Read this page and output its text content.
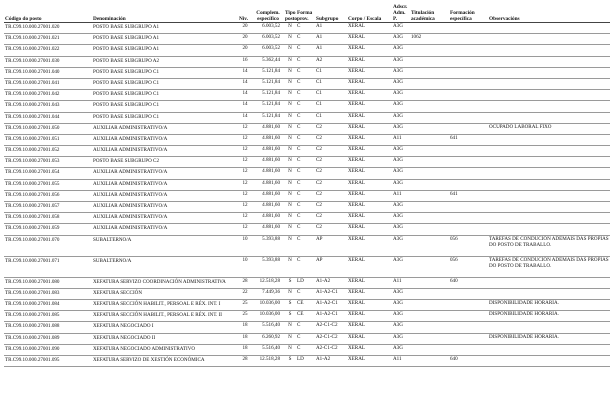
Código do posto	Denominación	Niv.	Complem. específico	Tipo posto	Forma prov.	Subgrupo	Corpo / Escala	Adscr. Adm. P.	Titulación académica	Formación específica	Observacións
TR.C99.10.000.27001.020	POSTO BASE SUBGRUPO A1	20	6.003,52	N	C	A1	XERAL	A3G			
TR.C99.10.000.27001.021	POSTO BASE SUBGRUPO A1	20	6.003,52	N	C	A1	XERAL	A3G	1062		
TR.C99.10.000.27001.022	POSTO BASE SUBGRUPO A1	20	6.003,52	N	C	A1	XERAL	A3G			
TR.C99.10.000.27001.030	POSTO BASE SUBGRUPO A2	16	5.362,44	N	C	A2	XERAL	A3G			
TR.C99.10.000.27001.040	POSTO BASE SUBGRUPO C1	14	5.121,84	N	C	C1	XERAL	A3G			
TR.C99.10.000.27001.041	POSTO BASE SUBGRUPO C1	14	5.121,84	N	C	C1	XERAL	A3G			
TR.C99.10.000.27001.042	POSTO BASE SUBGRUPO C1	14	5.121,84	N	C	C1	XERAL	A3G			
TR.C99.10.000.27001.043	POSTO BASE SUBGRUPO C1	14	5.121,84	N	C	C1	XERAL	A3G			
TR.C99.10.000.27001.044	POSTO BASE SUBGRUPO C1	14	5.121,84	N	C	C1	XERAL	A3G			
TR.C99.10.000.27001.050	AUXILIAR ADMINISTRATIVO/A	12	4.881,60	N	C	C2	XERAL	A3G			OCUPADO LABORAL FIXO
TR.C99.10.000.27001.051	AUXILIAR ADMINISTRATIVO/A	12	4.881,60	N	C	C2	XERAL	A11		641	
TR.C99.10.000.27001.052	AUXILIAR ADMINISTRATIVO/A	12	4.881,60	N	C	C2	XERAL	A3G			
TR.C99.10.000.27001.053	POSTO BASE SUBGRUPO C2	12	4.881,60	N	C	C2	XERAL	A3G			
TR.C99.10.000.27001.054	AUXILIAR ADMINISTRATIVO/A	12	4.881,60	N	C	C2	XERAL	A3G			
TR.C99.10.000.27001.055	AUXILIAR ADMINISTRATIVO/A	12	4.881,60	N	C	C2	XERAL	A3G			
TR.C99.10.000.27001.056	AUXILIAR ADMINISTRATIVO/A	12	4.881,60	N	C	C2	XERAL	A11		641	
TR.C99.10.000.27001.057	AUXILIAR ADMINISTRATIVO/A	12	4.881,60	N	C	C2	XERAL	A3G			
TR.C99.10.000.27001.058	AUXILIAR ADMINISTRATIVO/A	12	4.881,60	N	C	C2	XERAL	A3G			
TR.C99.10.000.27001.059	AUXILIAR ADMINISTRATIVO/A	12	4.881,60	N	C	C2	XERAL	A3G			
TR.C99.10.000.27001.070	SUBALTERNO/A	10	5.393,88	N	C	AP	XERAL	A3G		056	TAREFAS DE CONDUCIÓN ADEMAIS DAS PROPIAS DO POSTO DE TRABALLO.
TR.C99.10.000.27001.071	SUBALTERNO/A	10	5.393,88	N	C	AP	XERAL	A3G		056	TAREFAS DE CONDUCIÓN ADEMAIS DAS PROPIAS DO POSTO DE TRABALLO.
TR.C99.10.000.27001.080	XEFATURA SERVIZO COORDINACIÓN ADMINISTRATIVA	28	12.518,28	S	LD	A1-A2	XERAL	A11		640	
TR.C99.10.000.27001.083	XEFATURA SECCIÓN	22	7.449,36	N	C	A1-A2-C1	XERAL	A3G			
TR.C99.10.000.27001.084	XEFATURA SECCIÓN HABILIT., PERSOAL E RÉX. INT. I	25	10.036,00	S	CE	A1-A2-C1	XERAL	A3G			DISPONIBILIDADE HORARIA.
TR.C99.10.000.27001.085	XEFATURA SECCIÓN HABILIT., PERSOAL E RÉX. INT. II	25	10.036,00	S	CE	A1-A2-C1	XERAL	A3G			DISPONIBILIDADE HORARIA.
TR.C99.10.000.27001.088	XEFATURA NEGOCIADO I	18	5.516,40	N	C	A2-C1-C2	XERAL	A3G			
TR.C99.10.000.27001.089	XEFATURA NEGOCIADO II	18	6.260,92	N	C	A2-C1-C2	XERAL	A3G			DISPONIBILIDADE HORARIA.
TR.C99.10.000.27001.090	XEFATURA NEGOCIADO ADMINISTRATIVO	18	5.516,40	N	C	A2-C1-C2	XERAL	A3G			
TR.C99.10.000.27001.095	XEFATURA SERVIZO DE XESTIÓN ECONÓMICA	28	12.518,28	S	LD	A1-A2	XERAL	A11		640	
